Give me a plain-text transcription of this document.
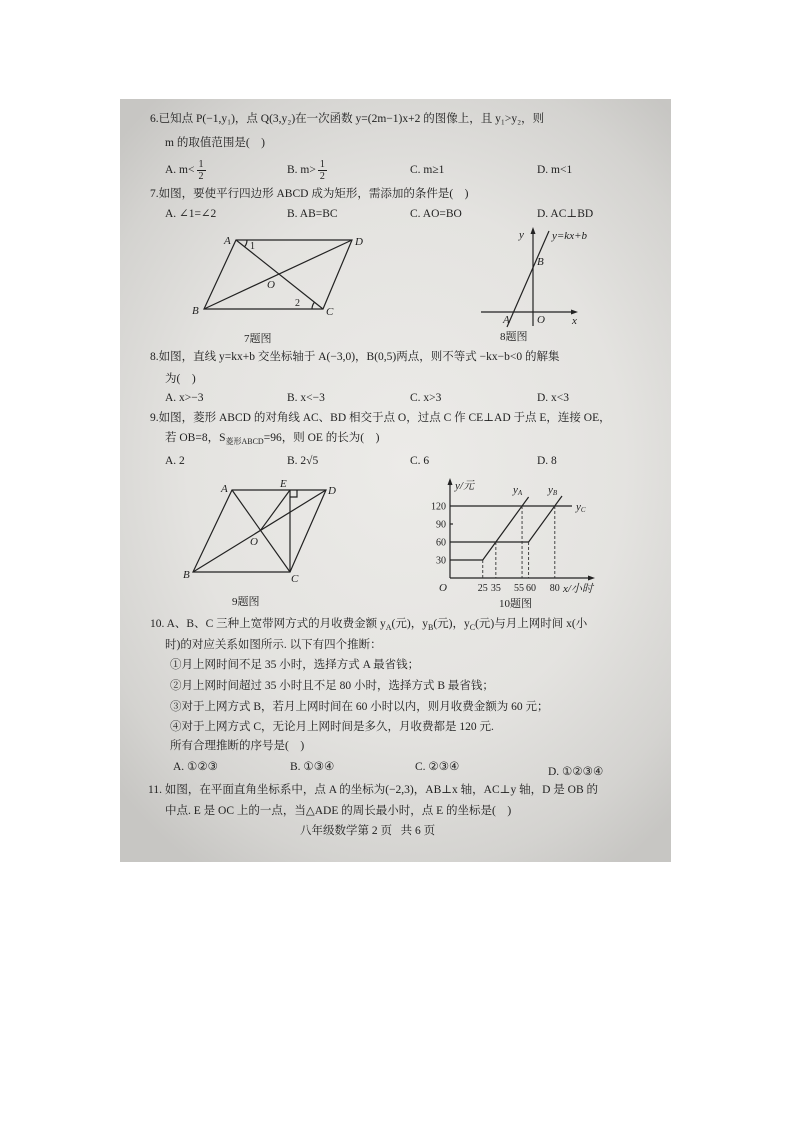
6.已知点 P(−1,y₁)，点 Q(3,y₂)在一次函数 y=(2m−1)x+2 的图像上，且 y₁>y₂，则
m 的取值范围是(    )
A. $m< \frac{1}{2}$	B. $m> \frac{1}{2}$	C. m≥1	D. m<1
7.如图，要使平行四边形 ABCD 成为矩形，需添加的条件是(    )
A. ∠1=∠2	B. AB=BC	C. AO=BO	D. AC⊥BD
8.如图，直线 y=kx+b 交坐标轴于 A(−3,0)，B(0,5)两点，则不等式 −kx−b<0 的解集
为(    )
A. x>−3	B. x<−3	C. x>3	D. x<3
9.如图，菱形 ABCD 的对角线 AC、BD 相交于点 O，过点 C 作 CE⊥AD 于点 E，连接 OE，
若 OB=8，$S_{菱形ABCD}=96$，则 OE 的长为(    )
A. 2	B. 2√5	C. 6	D. 8
10. A、B、C 三种上宽带网方式的月收费金额 $y_A$(元)，$y_B$(元)，$y_C$(元)与月上网时间 x(小
时)的对应关系如图所示. 以下有四个推断：
①月上网时间不足 35 小时，选择方式 A 最省钱；
②月上网时间超过 35 小时且不足 80 小时，选择方式 B 最省钱；
③对于上网方式 B，若月上网时间在 60 小时以内，则月收费金额为 60 元；
④对于上网方式 C，无论月上网时间是多久，月收费都是 120 元.
所有合理推断的序号是(    )
A. ①②③	B. ①③④	C. ②③④	D. ①②③④
11. 如图，在平面直角坐标系中，点 A 的坐标为(−2,3)，AB⊥x 轴，AC⊥y 轴，D 是 OB 的
中点. E 是 OC 上的一点，当△ADE 的周长最小时，点 E 的坐标是(    )
八年级数学第 2 页   共 6 页
A	D
B	C
O
1
2
7题图
y	y=kx+b
B
A O x
8题图
A	E
D
O
B	C
9题图
y/元
x/小时
O
120
90
60
30
25 35 55 60 80
yA yB
yC
10题图
